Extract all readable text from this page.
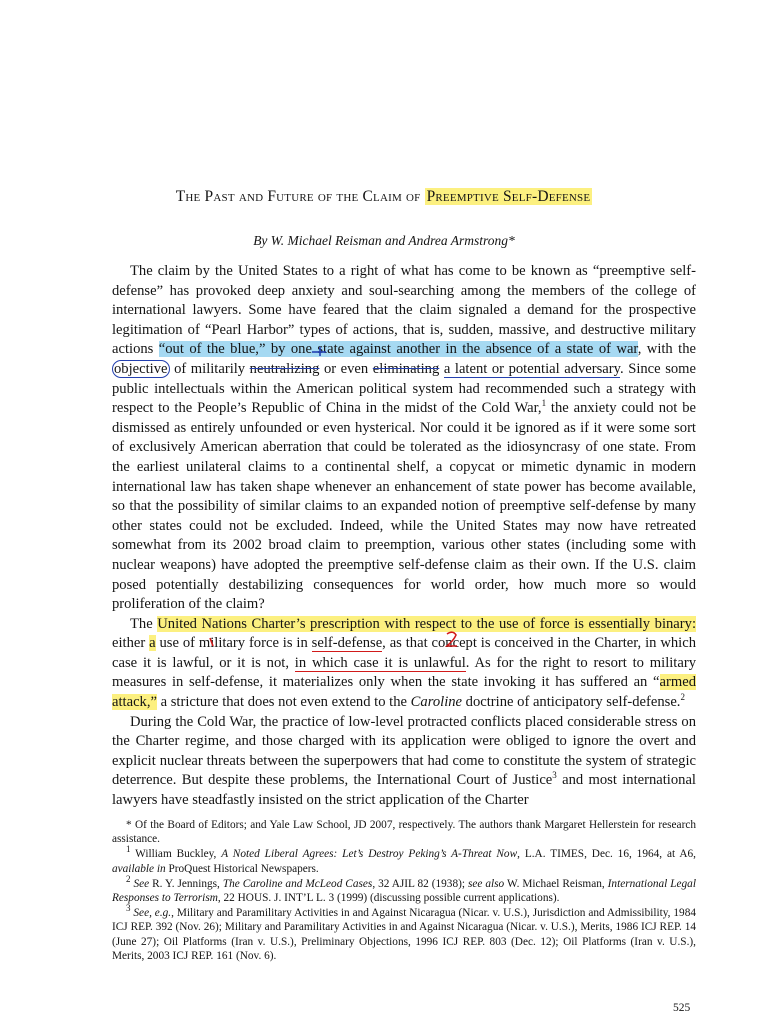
The Past and Future of the Claim of Preemptive Self-Defense
By W. Michael Reisman and Andrea Armstrong*

The claim by the United States to a right of what has come to be known as “preemptive self-defense” has provoked deep anxiety and soul-searching among the members of the college of international lawyers. Some have feared that the claim signaled a demand for the prospective legitimation of “Pearl Harbor” types of actions, that is, sudden, massive, and destructive military actions “out of the blue,” by one state against another in the absence of a state of war, with the objective of militarily neutralizing or even eliminating a latent or potential adversary. Since some public intellectuals within the American political system had recommended such a strategy with respect to the People’s Republic of China in the midst of the Cold War,$^1$ the anxiety could not be dismissed as entirely unfounded or even hysterical. Nor could it be ignored as if it were some sort of exclusively American aberration that could be tolerated as the idiosyncrasy of one state. From the earliest unilateral claims to a continental shelf, a copycat or mimetic dynamic in modern international law has taken shape whenever an enhancement of state power has become available, so that the possibility of similar claims to an expanded notion of preemptive self-defense by many other states could not be excluded. Indeed, while the United States may now have retreated somewhat from its 2002 broad claim to preemption, various other states (including some with nuclear weapons) have adopted the preemptive self-defense claim as their own. If the U.S. claim posed potentially destabilizing consequences for world order, how much more so would proliferation of the claim?

The United Nations Charter’s prescription with respect to the use of force is essentially binary: either a use of military force is in self-defense, as that concept is conceived in the Charter, in which case it is lawful, or it is not, in which case it is unlawful. As for the right to resort to military measures in self-defense, it materializes only when the state invoking it has suffered an “armed attack,” a stricture that does not even extend to the Caroline doctrine of anticipatory self-defense.$^2$

During the Cold War, the practice of low-level protracted conflicts placed considerable stress on the Charter regime, and those charged with its application were obliged to ignore the overt and explicit nuclear threats between the superpowers that had come to constitute the system of strategic deterrence. But despite these problems, the International Court of Justice$^3$ and most international lawyers have steadfastly insisted on the strict application of the Charter

* Of the Board of Editors; and Yale Law School, JD 2007, respectively. The authors thank Margaret Hellerstein for research assistance.

$^1$ William Buckley, A Noted Liberal Agrees: Let’s Destroy Peking’s A-Threat Now, L.A. TIMES, Dec. 16, 1964, at A6, available in ProQuest Historical Newspapers.

$^2$ See R. Y. Jennings, The Caroline and McLeod Cases, 32 AJIL 82 (1938); see also W. Michael Reisman, International Legal Responses to Terrorism, 22 HOUS. J. INT’L L. 3 (1999) (discussing possible current applications).

$^3$ See, e.g., Military and Paramilitary Activities in and Against Nicaragua (Nicar. v. U.S.), Jurisdiction and Admissibility, 1984 ICJ REP. 392 (Nov. 26); Military and Paramilitary Activities in and Against Nicaragua (Nicar. v. U.S.), Merits, 1986 ICJ REP. 14 (June 27); Oil Platforms (Iran v. U.S.), Preliminary Objections, 1996 ICJ REP. 803 (Dec. 12); Oil Platforms (Iran v. U.S.), Merits, 2003 ICJ REP. 161 (Nov. 6).

525
